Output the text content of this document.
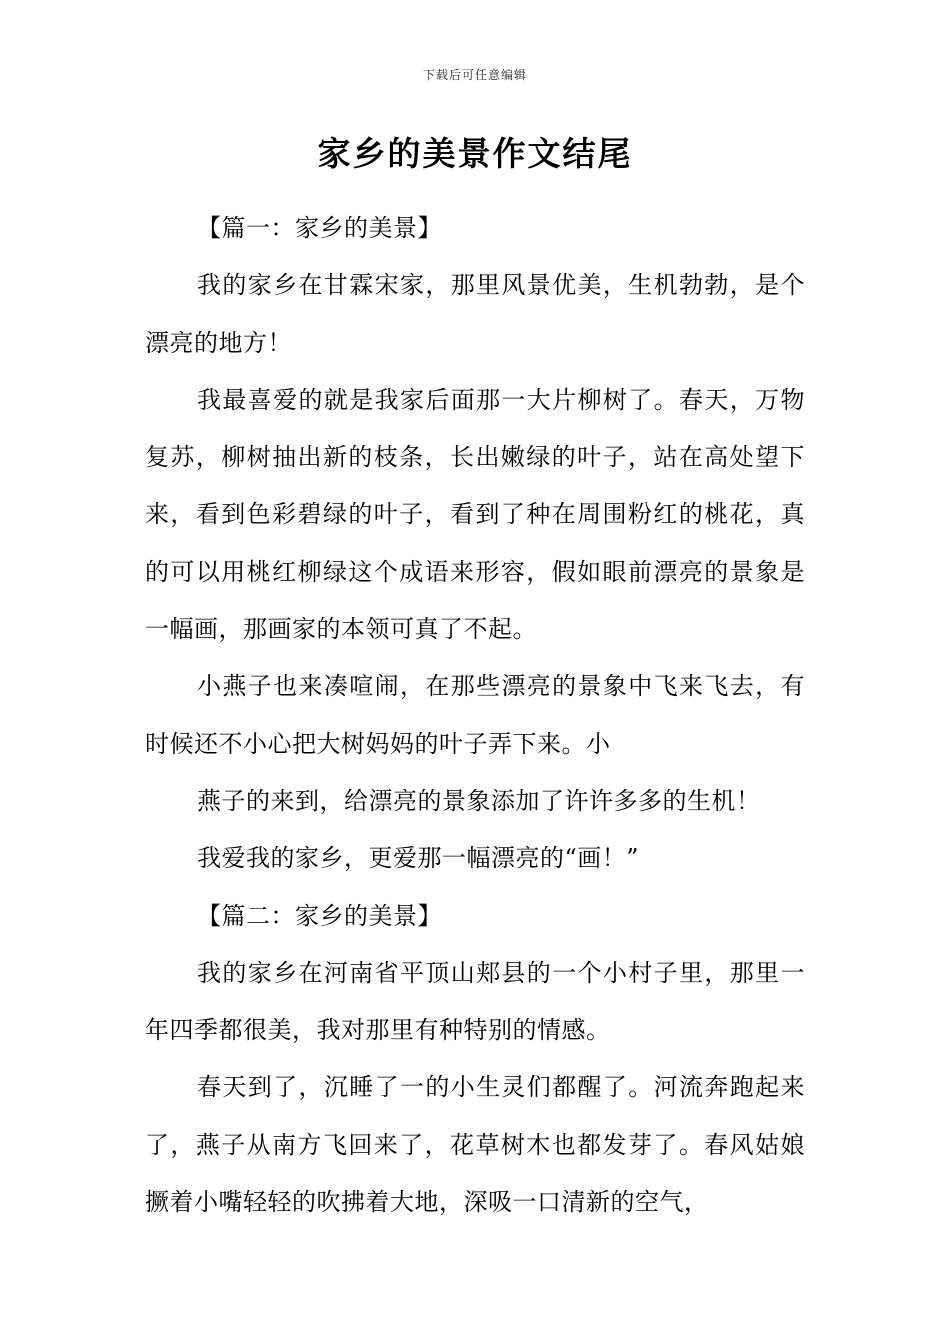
下载后可任意编辑
家乡的美景作文结尾

【篇一：家乡的美景】

我的家乡在甘霖宋家，那里风景优美，生机勃勃，是个漂亮的地方！

我最喜爱的就是我家后面那一大片柳树了。春天，万物复苏，柳树抽出新的枝条，长出嫩绿的叶子，站在高处望下来，看到色彩碧绿的叶子，看到了种在周围粉红的桃花，真的可以用桃红柳绿这个成语来形容，假如眼前漂亮的景象是一幅画，那画家的本领可真了不起。

小燕子也来凑喧闹，在那些漂亮的景象中飞来飞去，有时候还不小心把大树妈妈的叶子弄下来。小

燕子的来到，给漂亮的景象添加了许许多多的生机！

我爱我的家乡，更爱那一幅漂亮的“画！”

【篇二：家乡的美景】

我的家乡在河南省平顶山郏县的一个小村子里，那里一年四季都很美，我对那里有种特别的情感。

春天到了，沉睡了一的小生灵们都醒了。河流奔跑起来了，燕子从南方飞回来了，花草树木也都发芽了。春风姑娘撅着小嘴轻轻的吹拂着大地，深吸一口清新的空气，
